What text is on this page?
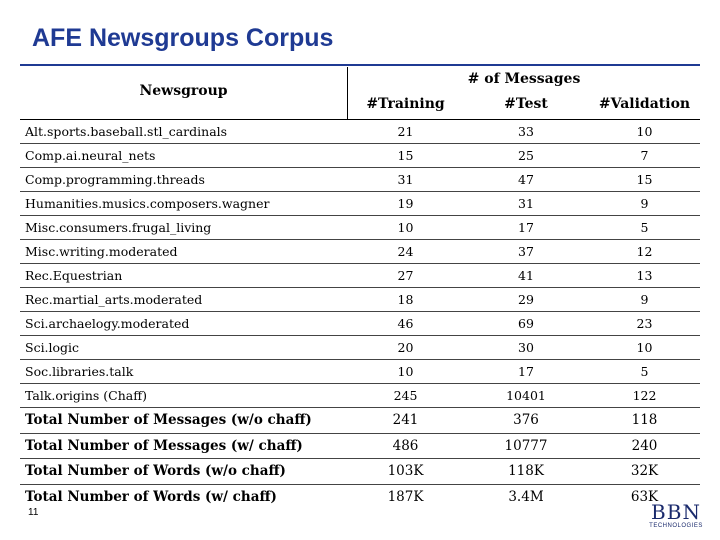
AFE Newsgroups Corpus
Newsgroup
# of Messages
#Training	#Test	#Validation
Alt.sports.baseball.stl_cardinals	21	33	10
Comp.ai.neural_nets	15	25	7
Comp.programming.threads	31	47	15
Humanities.musics.composers.wagner	19	31	9
Misc.consumers.frugal_living	10	17	5
Misc.writing.moderated	24	37	12
Rec.Equestrian	27	41	13
Rec.martial_arts.moderated	18	29	9
Sci.archaelogy.moderated	46	69	23
Sci.logic	20	30	10
Soc.libraries.talk	10	17	5
Talk.origins (Chaff)	245	10401	122
Total Number of Messages (w/o chaff)	241	376	118
Total Number of Messages (w/ chaff)	486	10777	240
Total Number of Words (w/o chaff)	103K	118K	32K
Total Number of Words (w/ chaff)	187K	3.4M	63K
11	BBN
TECHNOLOGIES
